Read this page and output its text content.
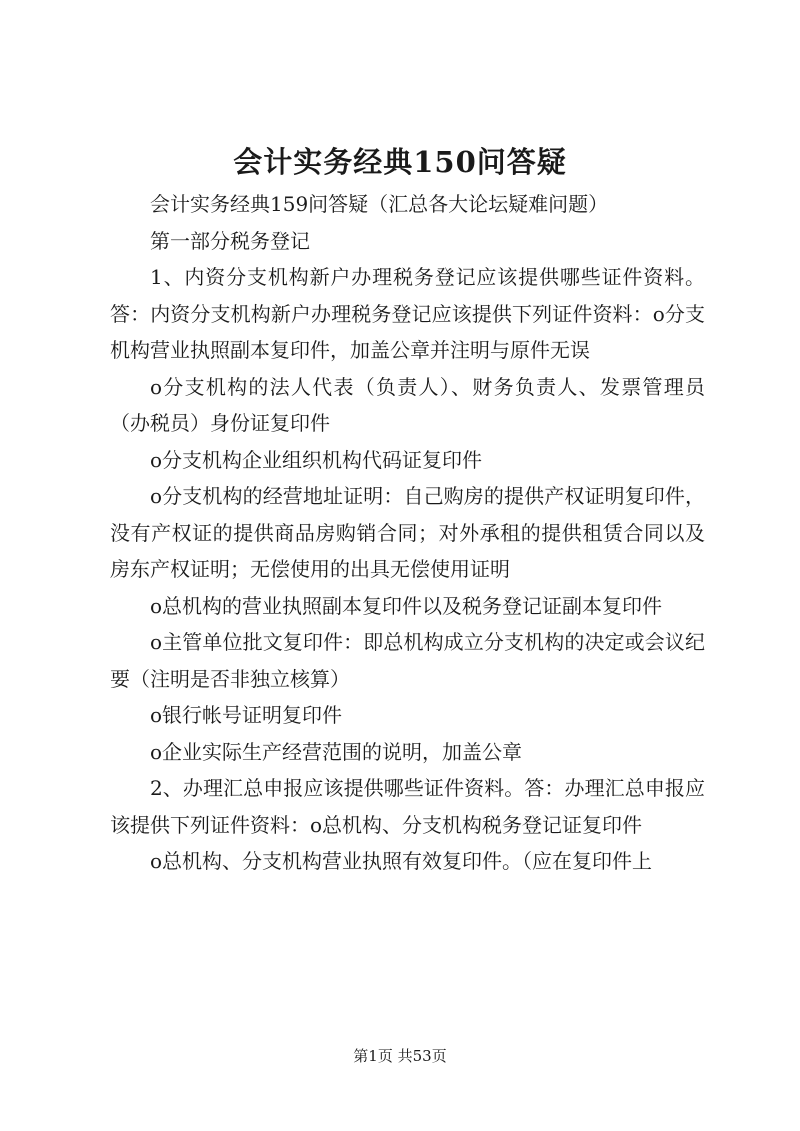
会计实务经典150问答疑

会计实务经典159问答疑（汇总各大论坛疑难问题）

第一部分税务登记

1、内资分支机构新户办理税务登记应该提供哪些证件资料。答：内资分支机构新户办理税务登记应该提供下列证件资料：o分支机构营业执照副本复印件，加盖公章并注明与原件无误

o分支机构的法人代表（负责人）、财务负责人、发票管理员（办税员）身份证复印件

o分支机构企业组织机构代码证复印件

o分支机构的经营地址证明：自己购房的提供产权证明复印件，没有产权证的提供商品房购销合同；对外承租的提供租赁合同以及房东产权证明；无偿使用的出具无偿使用证明

o总机构的营业执照副本复印件以及税务登记证副本复印件

o主管单位批文复印件：即总机构成立分支机构的决定或会议纪要（注明是否非独立核算）

o银行帐号证明复印件

o企业实际生产经营范围的说明，加盖公章

2、办理汇总申报应该提供哪些证件资料。答：办理汇总申报应该提供下列证件资料：o总机构、分支机构税务登记证复印件

o总机构、分支机构营业执照有效复印件。（应在复印件上

第1页 共53页
